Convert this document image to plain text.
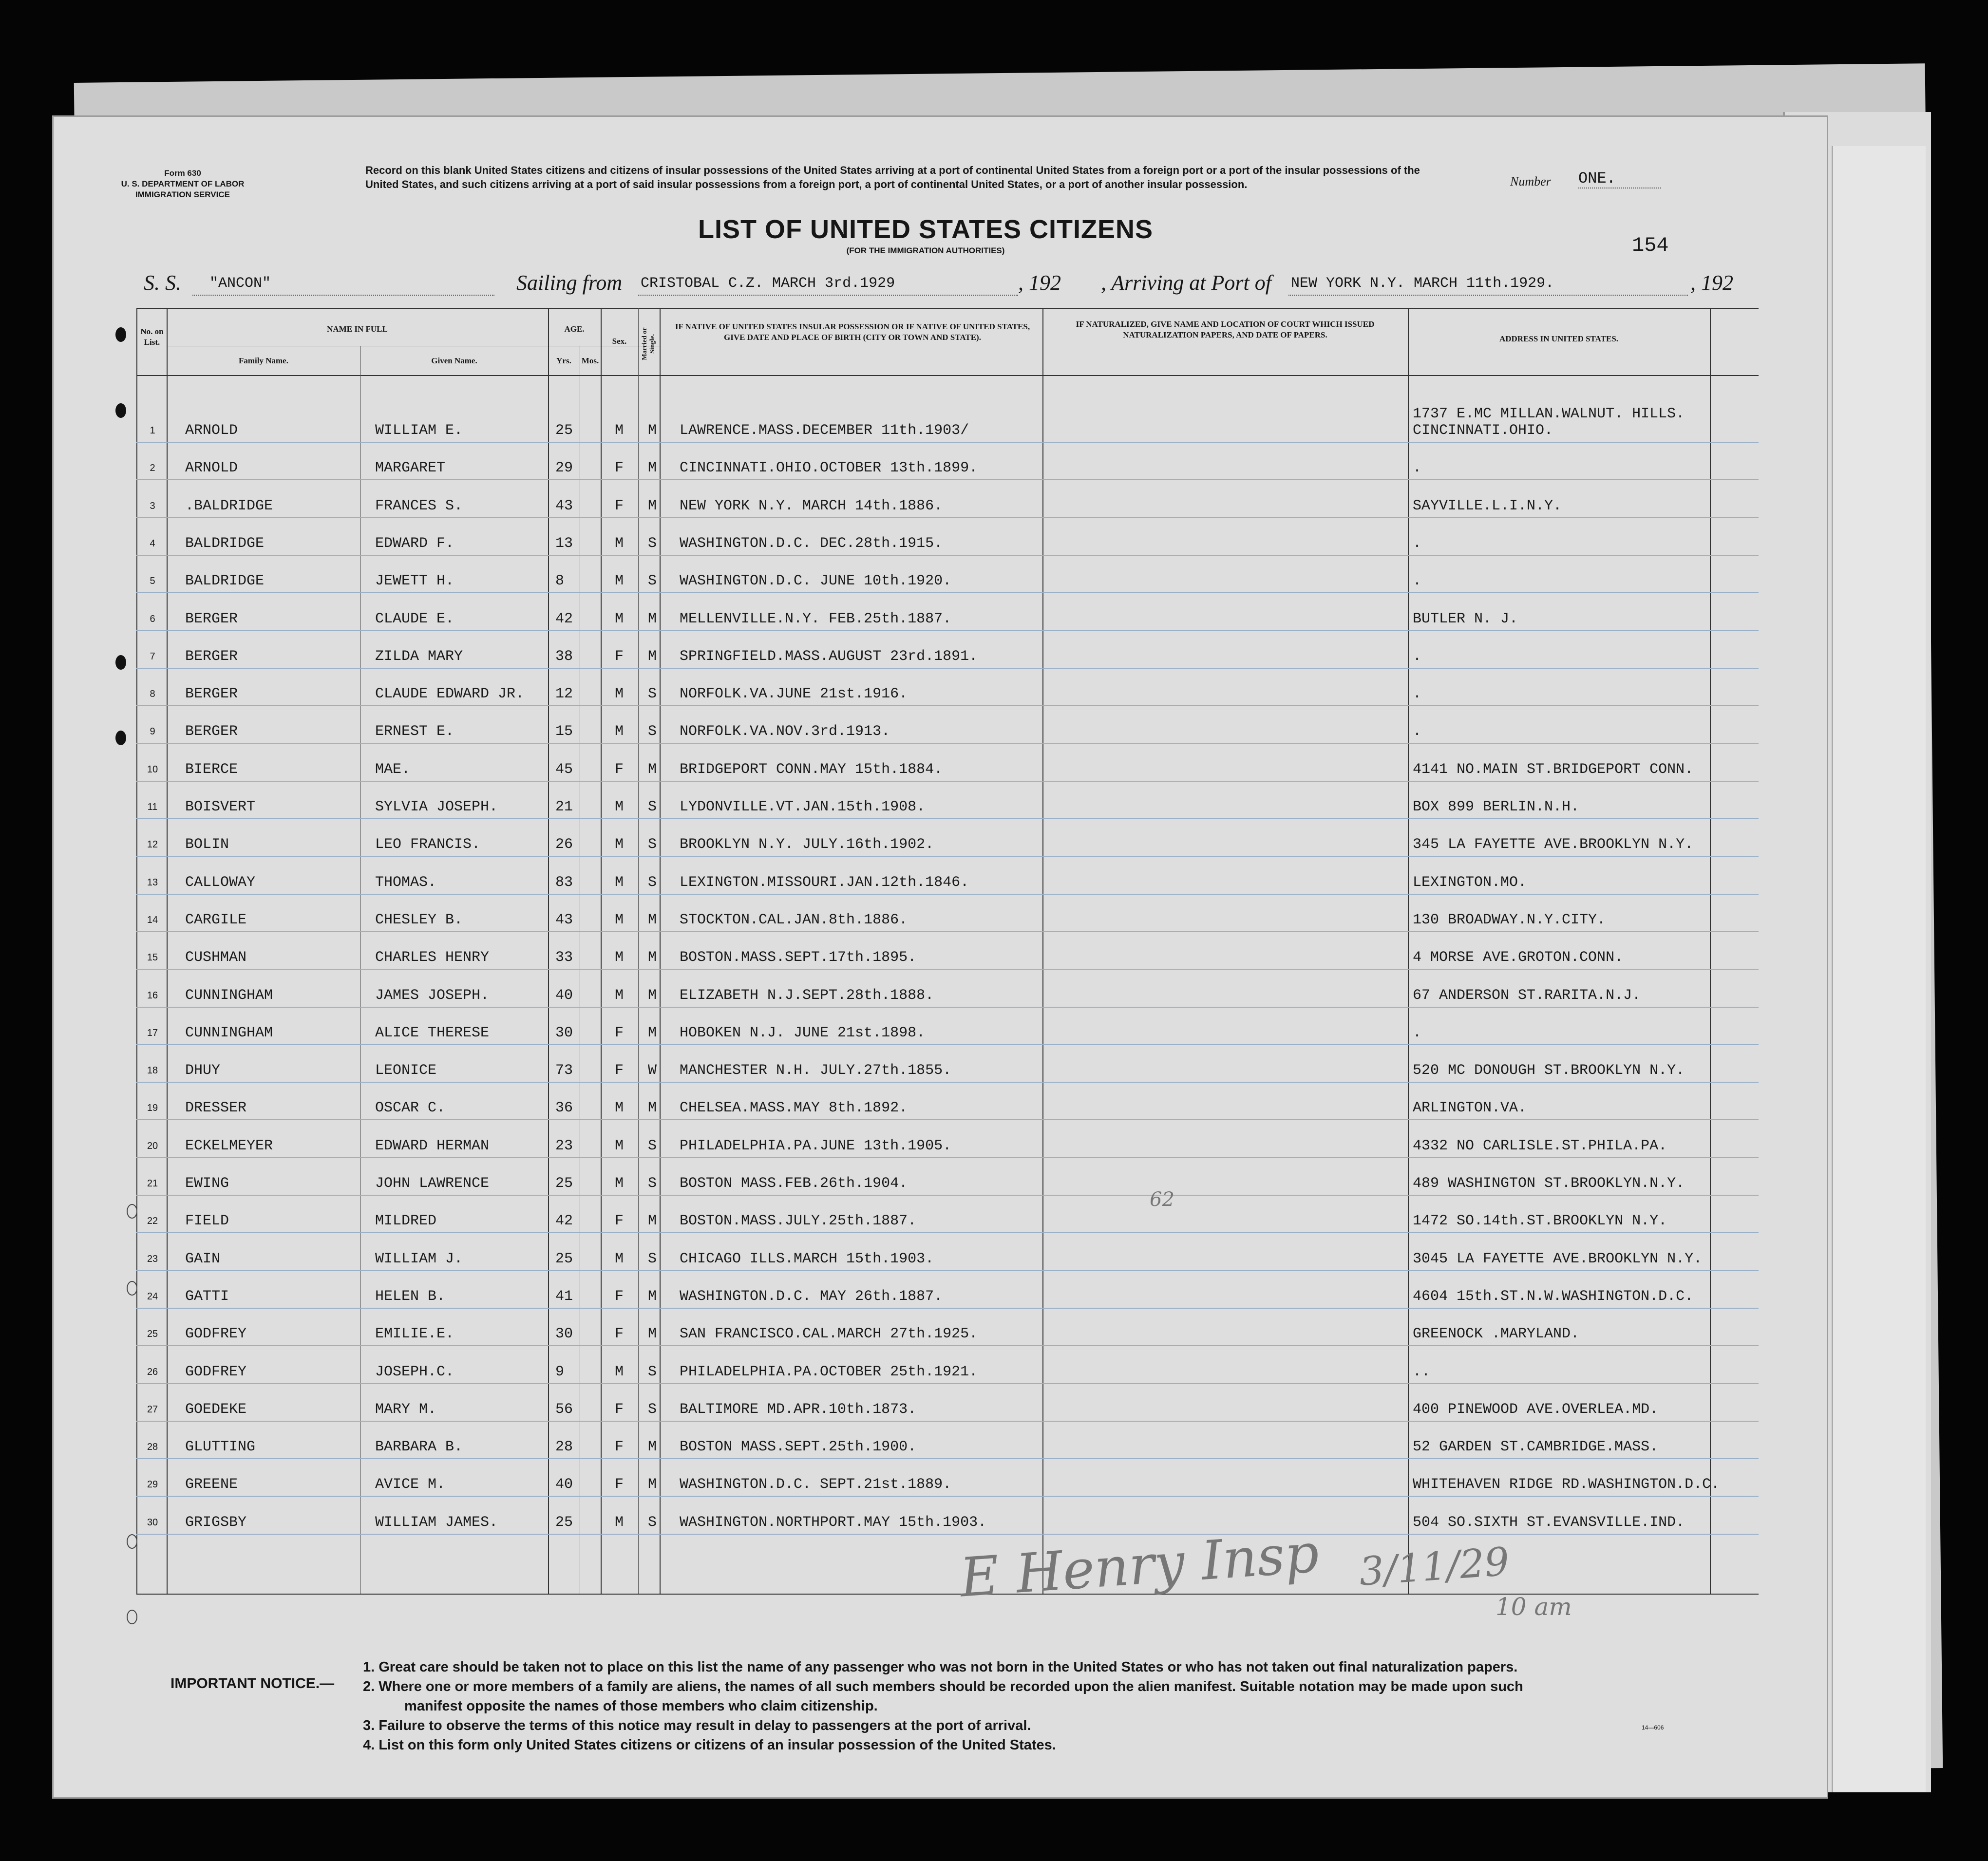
Form 630
U. S. DEPARTMENT OF LABOR
IMMIGRATION SERVICE
Record on this blank United States citizens and citizens of insular possessions of the United States arriving at a port of continental United States from a foreign port or a port of the insular possessions of the United States, and such citizens arriving at a port of said insular possessions from a foreign port, a port of continental United States, or a port of another insular possession.	Number ONE.
LIST OF UNITED STATES CITIZENS
(FOR THE IMMIGRATION AUTHORITIES)	154
S. S. "ANCON"	Sailing from CRISTOBAL C.Z. MARCH 3rd.1929	, 192 , Arriving at Port of NEW YORK N.Y. MARCH 11th.1929.	, 192
No. on List.
NAME IN FULL
Family Name.	Given Name.
AGE.
Yrs.	Mos.
Sex.	Married or Single.
IF NATIVE OF UNITED STATES INSULAR POSSESSION OR IF NATIVE OF UNITED STATES, GIVE DATE AND PLACE OF BIRTH (CITY OR TOWN AND STATE).
IF NATURALIZED, GIVE NAME AND LOCATION OF COURT WHICH ISSUED NATURALIZATION PAPERS, AND DATE OF PAPERS.	ADDRESS IN UNITED STATES.
1	ARNOLD	WILLIAM E.	25	M M LAWRENCE.MASS.DECEMBER 11th.1903/
1737 E.MC MILLAN.WALNUT. HILLS.
CINCINNATI.OHIO.
2	ARNOLD	MARGARET	29	F M CINCINNATI.OHIO.OCTOBER 13th.1899.	.
3	.BALDRIDGE	FRANCES S.	43	F M NEW YORK N.Y. MARCH 14th.1886.	SAYVILLE.L.I.N.Y.
4	BALDRIDGE	EDWARD F.	13	M S WASHINGTON.D.C. DEC.28th.1915.	.
5	BALDRIDGE	JEWETT H.	8	M S WASHINGTON.D.C. JUNE 10th.1920.	.
6	BERGER	CLAUDE E.	42	M M MELLENVILLE.N.Y. FEB.25th.1887.	BUTLER N. J.
7	BERGER	ZILDA MARY	38	F M SPRINGFIELD.MASS.AUGUST 23rd.1891.	.
8	BERGER	CLAUDE EDWARD JR. 12	M S NORFOLK.VA.JUNE 21st.1916.	.
9	BERGER	ERNEST E.	15	M S NORFOLK.VA.NOV.3rd.1913.	.
10	BIERCE	MAE.	45	F M BRIDGEPORT CONN.MAY 15th.1884.	4141 NO.MAIN ST.BRIDGEPORT CONN.
11	BOISVERT	SYLVIA JOSEPH.	21	M S LYDONVILLE.VT.JAN.15th.1908.	BOX 899 BERLIN.N.H.
12	BOLIN	LEO FRANCIS.	26	M S BROOKLYN N.Y. JULY.16th.1902.	345 LA FAYETTE AVE.BROOKLYN N.Y.
13	CALLOWAY	THOMAS.	83	M S LEXINGTON.MISSOURI.JAN.12th.1846.	LEXINGTON.MO.
14	CARGILE	CHESLEY B.	43	M M STOCKTON.CAL.JAN.8th.1886.	130 BROADWAY.N.Y.CITY.
15	CUSHMAN	CHARLES HENRY	33	M M BOSTON.MASS.SEPT.17th.1895.	4 MORSE AVE.GROTON.CONN.
16	CUNNINGHAM	JAMES JOSEPH.	40	M M ELIZABETH N.J.SEPT.28th.1888.	67 ANDERSON ST.RARITA.N.J.
17	CUNNINGHAM	ALICE THERESE	30	F M HOBOKEN N.J. JUNE 21st.1898.	.
18	DHUY	LEONICE	73	F W MANCHESTER N.H. JULY.27th.1855.	520 MC DONOUGH ST.BROOKLYN N.Y.
19	DRESSER	OSCAR C.	36	M M CHELSEA.MASS.MAY 8th.1892.	ARLINGTON.VA.
20	ECKELMEYER	EDWARD HERMAN	23	M S PHILADELPHIA.PA.JUNE 13th.1905.	4332 NO CARLISLE.ST.PHILA.PA.
21	EWING	JOHN LAWRENCE	25	M S BOSTON MASS.FEB.26th.1904.	489 WASHINGTON ST.BROOKLYN.N.Y.
22	FIELD	MILDRED	42	F M BOSTON.MASS.JULY.25th.1887.	1472 SO.14th.ST.BROOKLYN N.Y.
23	GAIN	WILLIAM J.	25	M S CHICAGO ILLS.MARCH 15th.1903.	3045 LA FAYETTE AVE.BROOKLYN N.Y.
24	GATTI	HELEN B.	41	F M WASHINGTON.D.C. MAY 26th.1887.	4604 15th.ST.N.W.WASHINGTON.D.C.
25	GODFREY	EMILIE.E.	30	F M SAN FRANCISCO.CAL.MARCH 27th.1925.	GREENOCK .MARYLAND.
26	GODFREY	JOSEPH.C.	9	M S PHILADELPHIA.PA.OCTOBER 25th.1921.	..
27	GOEDEKE	MARY M.	56	F S BALTIMORE MD.APR.10th.1873.	400 PINEWOOD AVE.OVERLEA.MD.
28	GLUTTING	BARBARA B.	28	F M BOSTON MASS.SEPT.25th.1900.	52 GARDEN ST.CAMBRIDGE.MASS.
29	GREENE	AVICE M.	40	F M WASHINGTON.D.C. SEPT.21st.1889.	WHITEHAVEN RIDGE RD.WASHINGTON.D.C.
30	GRIGSBY	WILLIAM JAMES.	25	M S WASHINGTON.NORTHPORT.MAY 15th.1903.	504 SO.SIXTH ST.EVANSVILLE.IND.
E Henry Insp 3/11/29
10 am
62
IMPORTANT NOTICE.—
1. Great care should be taken not to place on this list the name of any passenger who was not born in the United States or who has not taken out final naturalization papers.
2. Where one or more members of a family are aliens, the names of all such members should be recorded upon the alien manifest. Suitable notation may be made upon such
manifest opposite the names of those members who claim citizenship.
3. Failure to observe the terms of this notice may result in delay to passengers at the port of arrival.
4. List on this form only United States citizens or citizens of an insular possession of the United States.
14—606
